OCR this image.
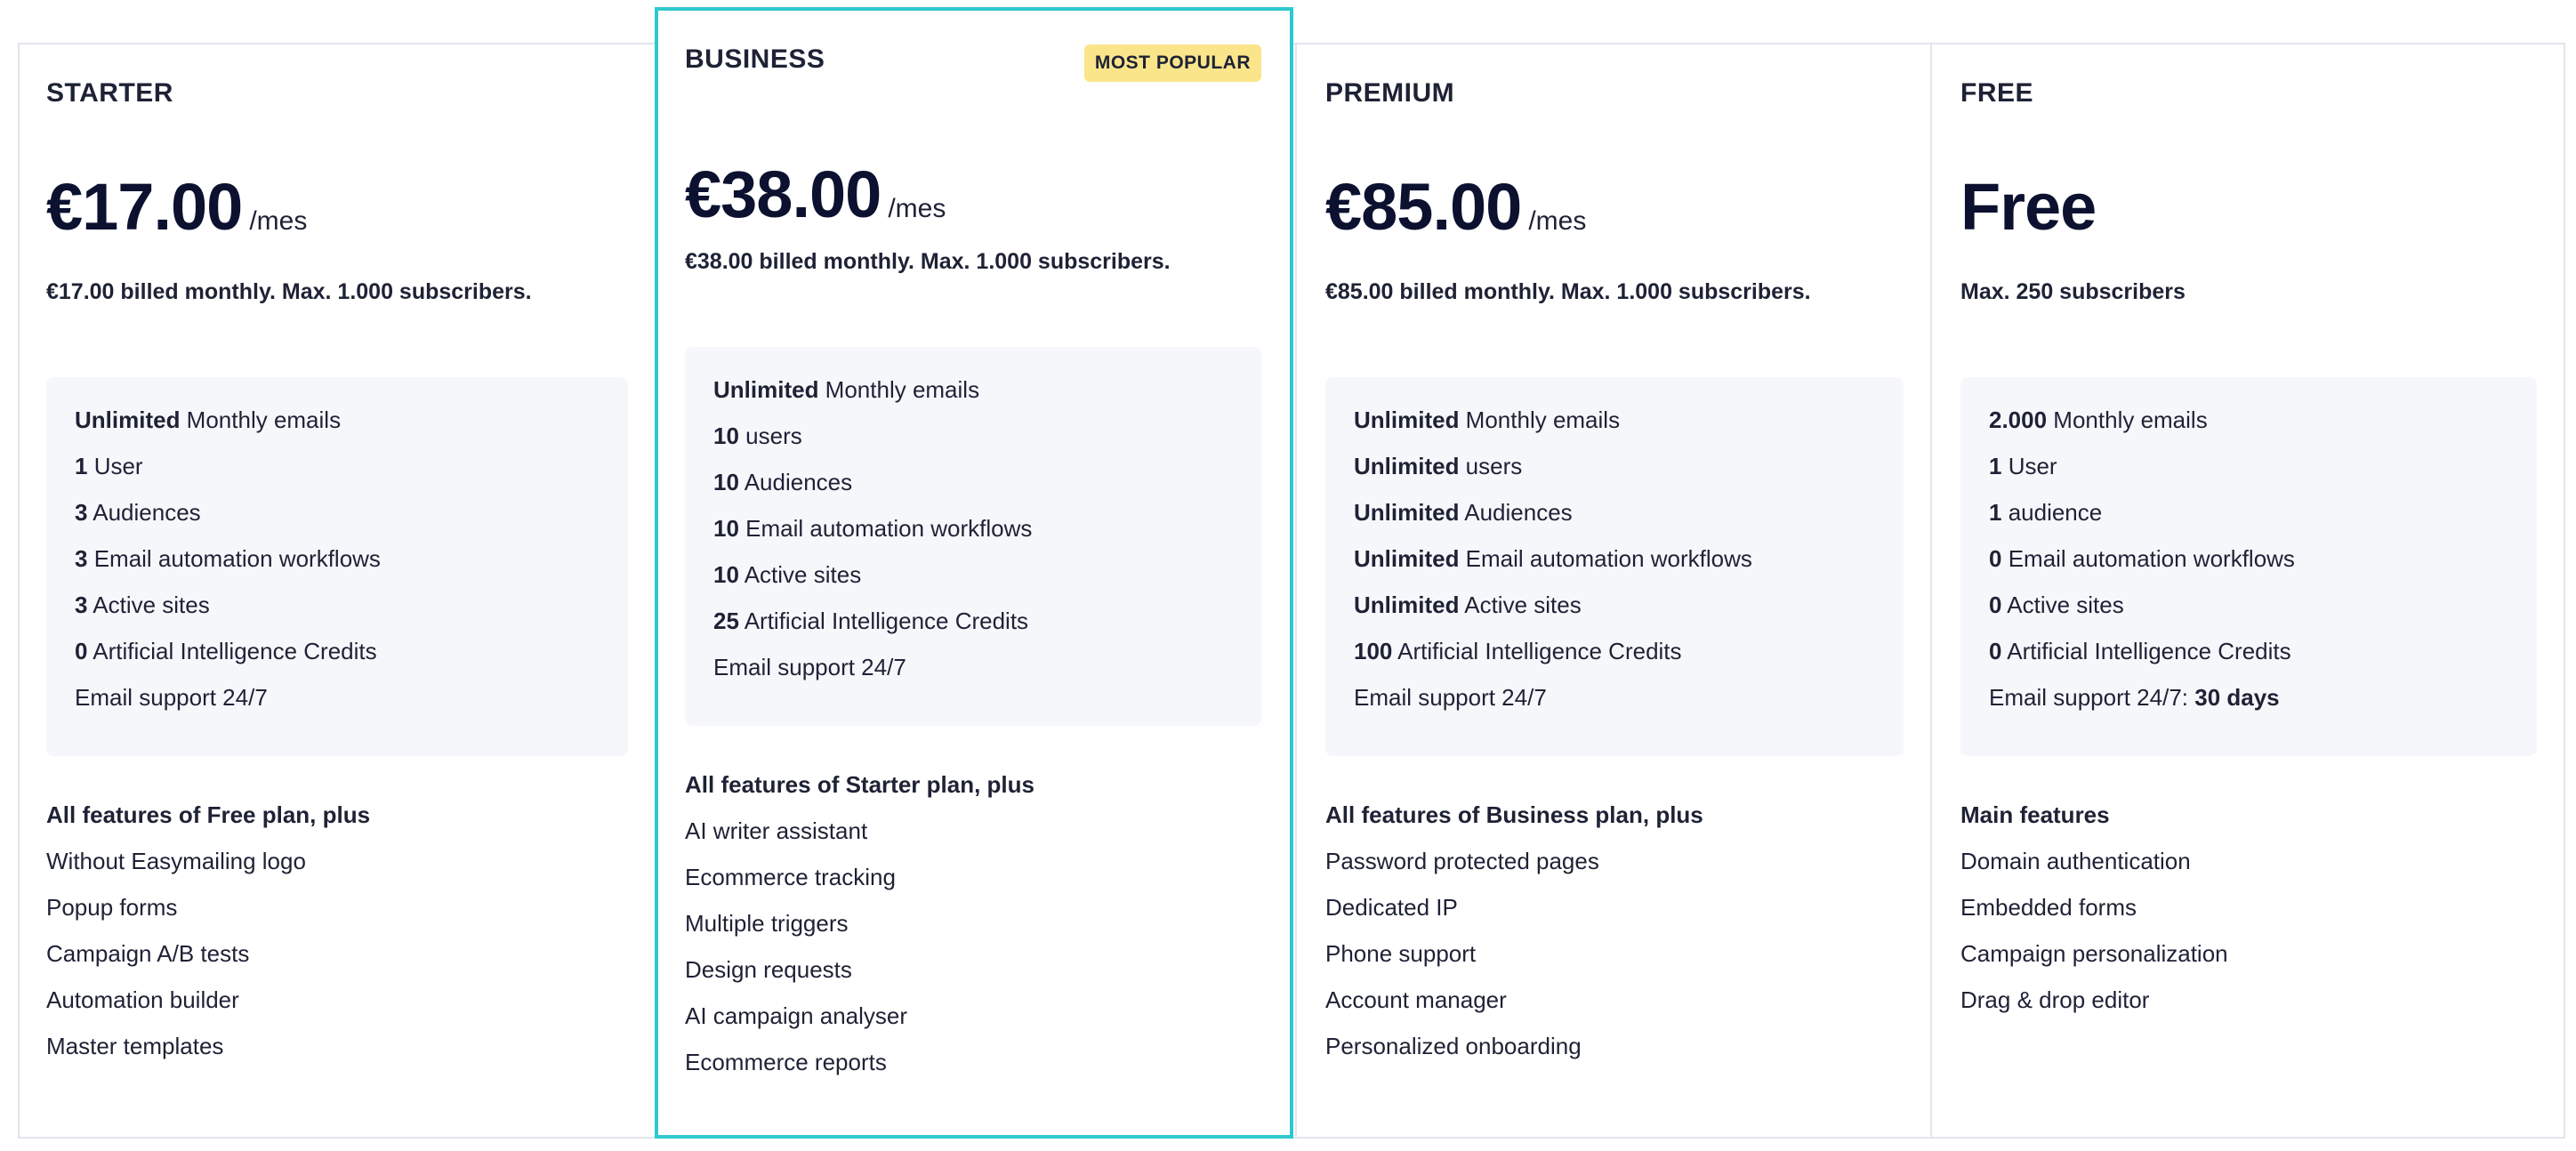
STARTER
€17.00 /mes
€17.00 billed monthly. Max. 1.000 subscribers.
Unlimited Monthly emails
1 User
3 Audiences
3 Email automation workflows
3 Active sites
0 Artificial Intelligence Credits
Email support 24/7
All features of Free plan, plus
Without Easymailing logo
Popup forms
Campaign A/B tests
Automation builder
Master templates
PREMIUM
€85.00 /mes
€85.00 billed monthly. Max. 1.000 subscribers.
Unlimited Monthly emails
Unlimited users
Unlimited Audiences
Unlimited Email automation workflows
Unlimited Active sites
100 Artificial Intelligence Credits
Email support 24/7
All features of Business plan, plus
Password protected pages
Dedicated IP
Phone support
Account manager
Personalized onboarding
FREE
Free
Max. 250 subscribers
2.000 Monthly emails
1 User
1 audience
0 Email automation workflows
0 Active sites
0 Artificial Intelligence Credits
Email support 24/7: 30 days
Main features
Domain authentication
Embedded forms
Campaign personalization
Drag & drop editor
BUSINESS	MOST POPULAR
€38.00 /mes
€38.00 billed monthly. Max. 1.000 subscribers.
Unlimited Monthly emails
10 users
10 Audiences
10 Email automation workflows
10 Active sites
25 Artificial Intelligence Credits
Email support 24/7
All features of Starter plan, plus
AI writer assistant
Ecommerce tracking
Multiple triggers
Design requests
AI campaign analyser
Ecommerce reports
